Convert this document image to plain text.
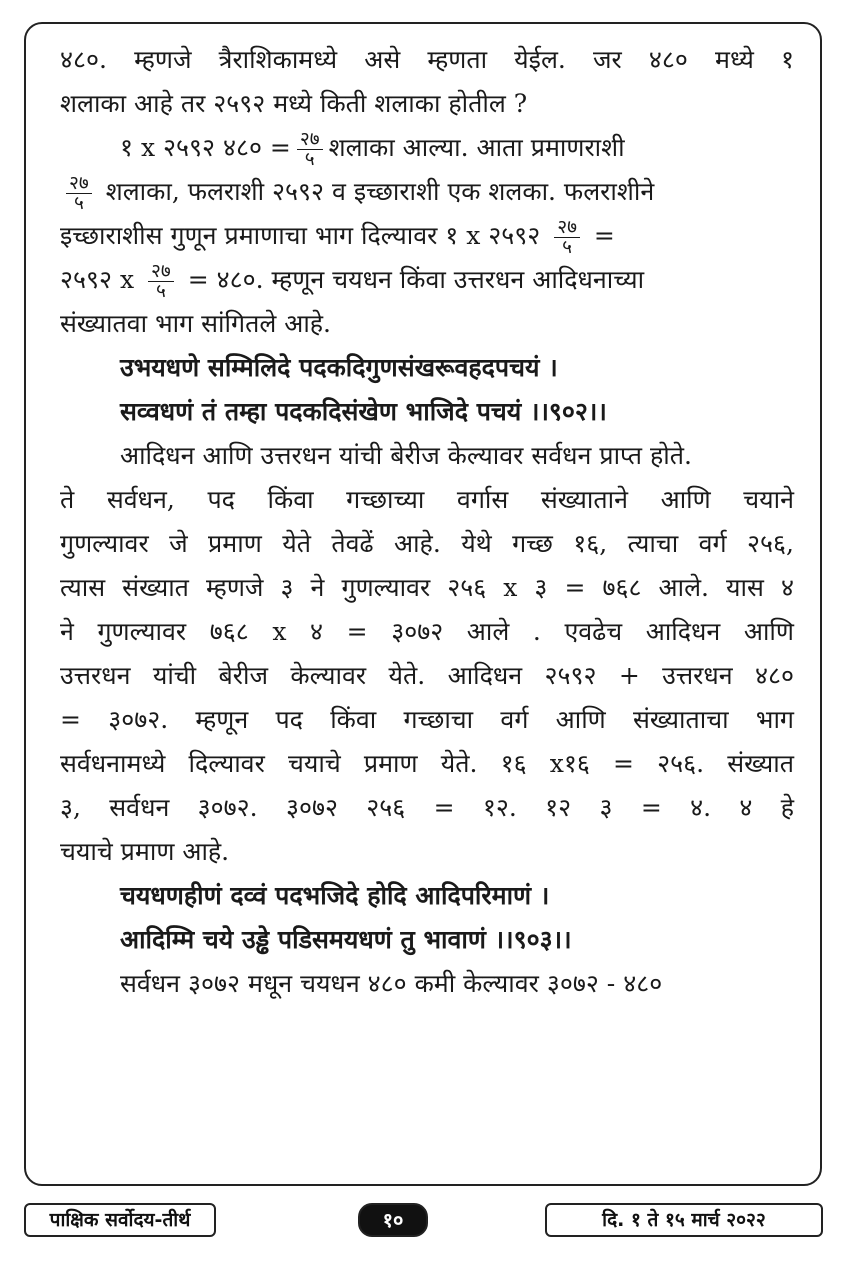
४८०. म्हणजे त्रैराशिकामध्ये असे म्हणता येईल. जर ४८० मध्ये १
शलाका आहे तर २५९२ मध्ये किती शलाका होतील ?
१ x २५९२ ४८० = $\frac{२७}{५}$ शलाका आल्या. आता प्रमाणराशी
$\frac{२७}{५}$ शलाका, फलराशी २५९२ व इच्छाराशी एक शलका. फलराशीने
इच्छाराशीस गुणून प्रमाणाचा भाग दिल्यावर १ x २५९२ $\frac{२७}{५}$ =
२५९२ x $\frac{२७}{५}$ = ४८०. म्हणून चयधन किंवा उत्तरधन आदिधनाच्या
संख्यातवा भाग सांगितले आहे.
उभयधणे सम्मिलिदे पदकदिगुणसंखरूवहदपचयं ।
सव्वधणं तं तम्हा पदकदिसंखेण भाजिदे पचयं ।।९०२।।
आदिधन आणि उत्तरधन यांची बेरीज केल्यावर सर्वधन प्राप्त होते.
ते सर्वधन, पद किंवा गच्छाच्या वर्गास संख्याताने आणि चयाने
गुणल्यावर जे प्रमाण येते तेवढें आहे. येथे गच्छ १६, त्याचा वर्ग २५६,
त्यास संख्यात म्हणजे ३ ने गुणल्यावर २५६ x ३ = ७६८ आले. यास ४
ने गुणल्यावर ७६८ x ४ = ३०७२ आले . एवढेच आदिधन आणि
उत्तरधन यांची बेरीज केल्यावर येते. आदिधन २५९२ + उत्तरधन ४८०
= ३०७२. म्हणून पद किंवा गच्छाचा वर्ग आणि संख्याताचा भाग
सर्वधनामध्ये दिल्यावर चयाचे प्रमाण येते. १६ x१६ = २५६. संख्यात
३, सर्वधन ३०७२. ३०७२ २५६ = १२. १२ ३ = ४. ४ हे
चयाचे प्रमाण आहे.
चयधणहीणं दव्वं पदभजिदे होदि आदिपरिमाणं ।
आदिम्मि चये उड्ढे पडिसमयधणं तु भावाणं ।।९०३।।
सर्वधन ३०७२ मधून चयधन ४८० कमी केल्यावर ३०७२ - ४८०
पाक्षिक सर्वोदय-तीर्थ	१०	दि. १ ते १५ मार्च २०२२
